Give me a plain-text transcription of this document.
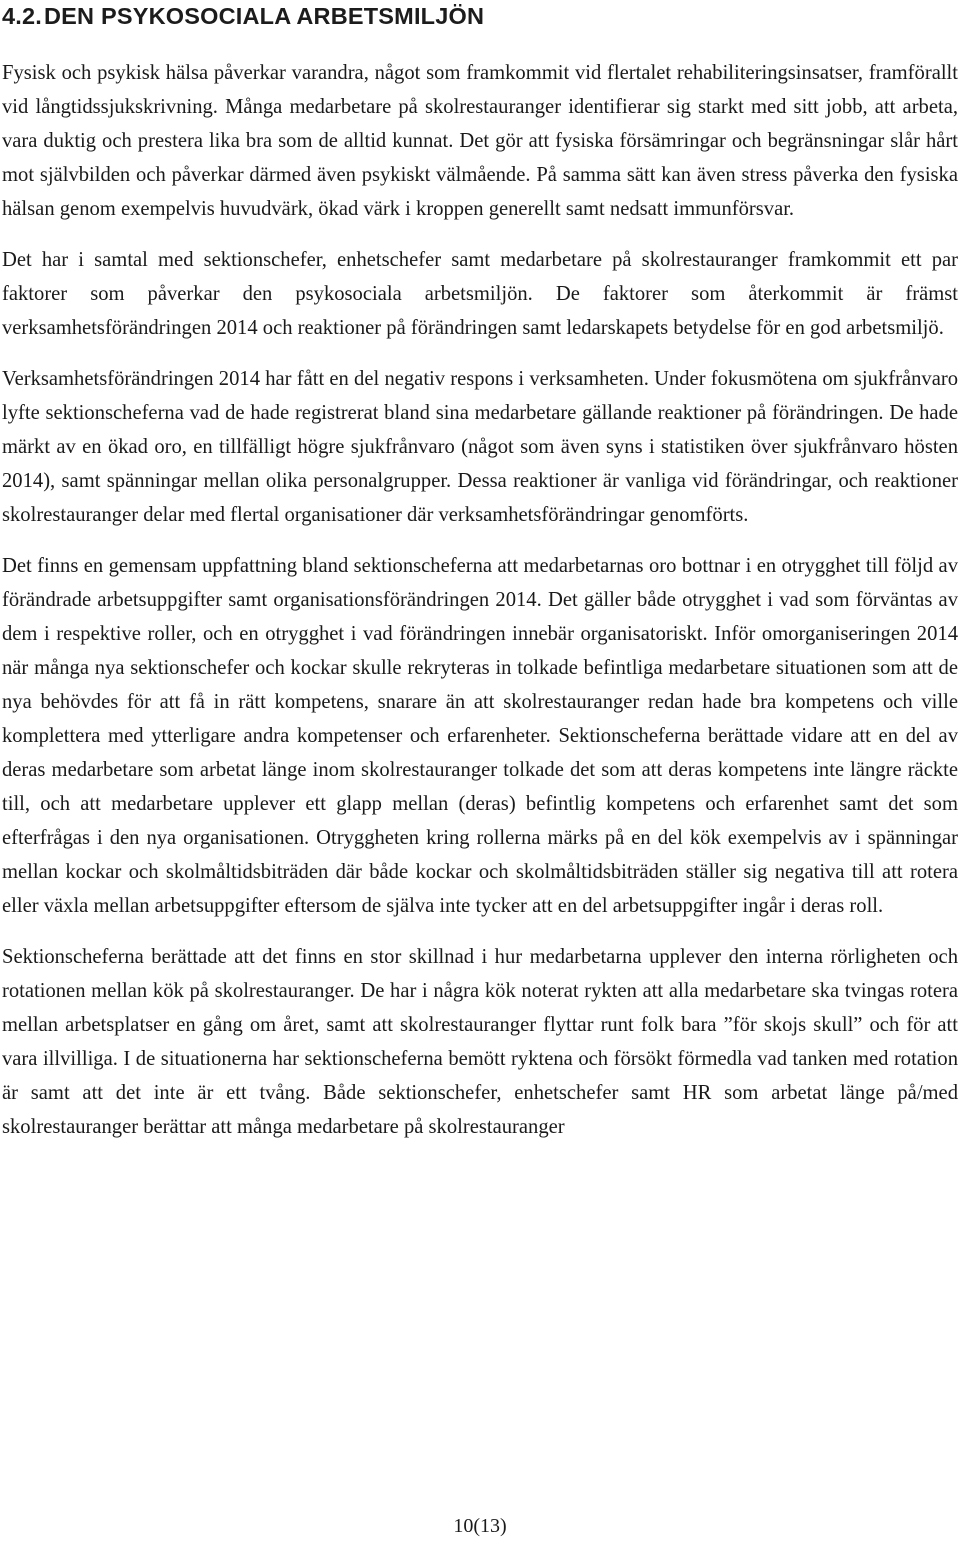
4.2.DEN PSYKOSOCIALA ARBETSMILJÖN

Fysisk och psykisk hälsa påverkar varandra, något som framkommit vid flertalet rehabiliteringsinsatser, framförallt vid långtidssjukskrivning. Många medarbetare på skolrestauranger identifierar sig starkt med sitt jobb, att arbeta, vara duktig och prestera lika bra som de alltid kunnat. Det gör att fysiska försämringar och begränsningar slår hårt mot självbilden och påverkar därmed även psykiskt välmående. På samma sätt kan även stress påverka den fysiska hälsan genom exempelvis huvudvärk, ökad värk i kroppen generellt samt nedsatt immunförsvar.

Det har i samtal med sektionschefer, enhetschefer samt medarbetare på skolrestauranger framkommit ett par faktorer som påverkar den psykosociala arbetsmiljön. De faktorer som återkommit är främst verksamhetsförändringen 2014 och reaktioner på förändringen samt ledarskapets betydelse för en god arbetsmiljö.

Verksamhetsförändringen 2014 har fått en del negativ respons i verksamheten. Under fokusmötena om sjukfrånvaro lyfte sektionscheferna vad de hade registrerat bland sina medarbetare gällande reaktioner på förändringen. De hade märkt av en ökad oro, en tillfälligt högre sjukfrånvaro (något som även syns i statistiken över sjukfrånvaro hösten 2014), samt spänningar mellan olika personalgrupper. Dessa reaktioner är vanliga vid förändringar, och reaktioner skolrestauranger delar med flertal organisationer där verksamhetsförändringar genomförts.

Det finns en gemensam uppfattning bland sektionscheferna att medarbetarnas oro bottnar i en otrygghet till följd av förändrade arbetsuppgifter samt organisationsförändringen 2014. Det gäller både otrygghet i vad som förväntas av dem i respektive roller, och en otrygghet i vad förändringen innebär organisatoriskt. Inför omorganiseringen 2014 när många nya sektionschefer och kockar skulle rekryteras in tolkade befintliga medarbetare situationen som att de nya behövdes för att få in rätt kompetens, snarare än att skolrestauranger redan hade bra kompetens och ville komplettera med ytterligare andra kompetenser och erfarenheter. Sektionscheferna berättade vidare att en del av deras medarbetare som arbetat länge inom skolrestauranger tolkade det som att deras kompetens inte längre räckte till, och att medarbetare upplever ett glapp mellan (deras) befintlig kompetens och erfarenhet samt det som efterfrågas i den nya organisationen. Otryggheten kring rollerna märks på en del kök exempelvis av i spänningar mellan kockar och skolmåltidsbiträden där både kockar och skolmåltidsbiträden ställer sig negativa till att rotera eller växla mellan arbetsuppgifter eftersom de själva inte tycker att en del arbetsuppgifter ingår i deras roll.

Sektionscheferna berättade att det finns en stor skillnad i hur medarbetarna upplever den interna rörligheten och rotationen mellan kök på skolrestauranger. De har i några kök noterat rykten att alla medarbetare ska tvingas rotera mellan arbetsplatser en gång om året, samt att skolrestauranger flyttar runt folk bara ”för skojs skull” och för att vara illvilliga. I de situationerna har sektionscheferna bemött ryktena och försökt förmedla vad tanken med rotation är samt att det inte är ett tvång. Både sektionschefer, enhetschefer samt HR som arbetat länge på/med skolrestauranger berättar att många medarbetare på skolrestauranger

10(13)
